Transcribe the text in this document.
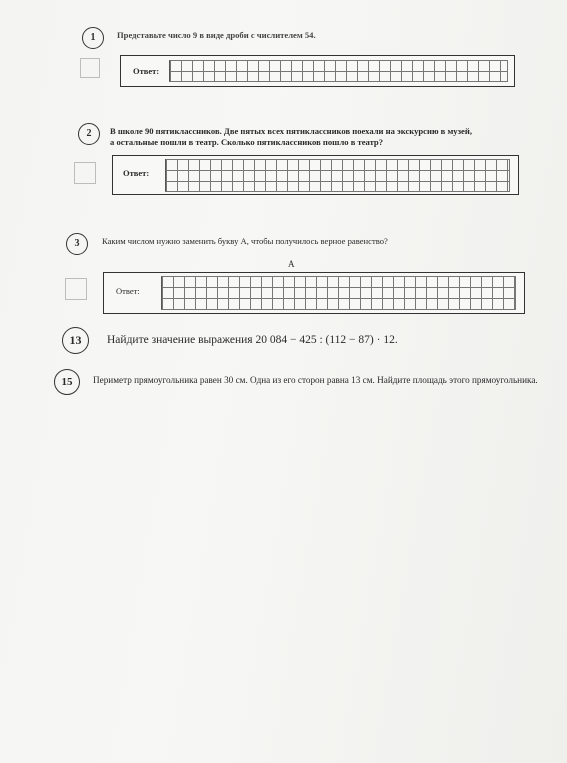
1	Представьте число 9 в виде дроби с числителем 54.
Ответ:
2	В школе 90 пятиклассников. Две пятых всех пятиклассников поехали на экскурсию в музей,
а остальные пошли в театр. Сколько пятиклассников пошло в театр?
Ответ:
3	Каким числом нужно заменить букву А, чтобы получилось верное равенство?
А
Ответ:
13	Найдите значение выражения 20 084 − 425 : (112 − 87) · 12.
15	Периметр прямоугольника равен 30 см. Одна из его сторон равна 13 см. Найдите площадь этого прямоугольника.
